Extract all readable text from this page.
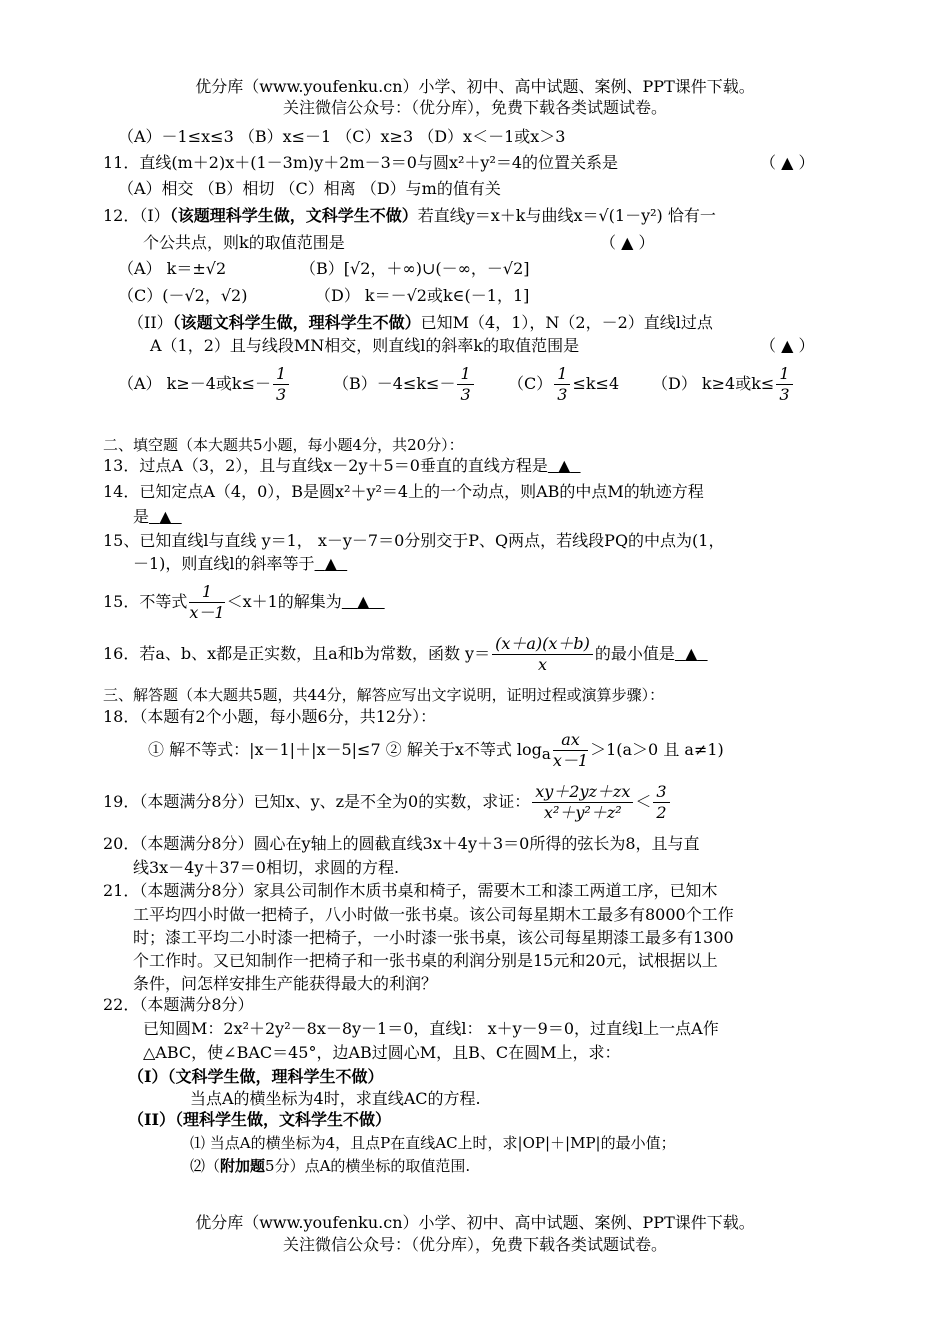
优分库（www.youfenku.cn）小学、初中、高中试题、案例、PPT课件下载。
关注微信公众号：（优分库），免费下载各类试题试卷。
（A）－1≤x≤3 （B）x≤－1 （C）x≥3 （D）x＜－1或x＞3
11．直线(m＋2)x＋(1－3m)y＋2m－3＝0与圆x²＋y²＝4的位置关系是	（ ▲ ）
（A）相交 （B）相切 （C）相离 （D）与m的值有关
12．（I）（该题理科学生做，文科学生不做）若直线y＝x＋k与曲线x＝√(1－y²) 恰有一
个公共点，则k的取值范围是	（ ▲ ）
（A） k＝±√2	（B）[√2，＋∞)∪(－∞，－√2]
（C）(－√2，√2)	（D） k＝－√2或k∈(－1，1]
（II）（该题文科学生做，理科学生不做）已知M（4，1），N（2，－2）直线l过点
A（1，2）且与线段MN相交，则直线l的斜率k的取值范围是	（ ▲ ）
（A） k≥－4或$k\le- \frac{1}{3}$	$(B)-4\le k\le- \frac{1}{3} (C) \frac{1}{3} \le k\le 4$ （D） k≥4或$k\le \frac{1}{3}$
二、填空题（本大题共5小题，每小题4分，共20分）：
13．过点A（3，2），且与直线x－2y＋5＝0垂直的直线方程是 ▲
14．已知定点A（4，0），B是圆x²＋y²＝4上的一个动点，则AB的中点M的轨迹方程
是 ▲
15、已知直线l与直线 y＝1， x－y－7＝0分别交于P、Q两点，若线段PQ的中点为(1，
－1)，则直线l的斜率等于 ▲
15．不等式 $\frac{1}{x-1} <x+1$的解集为 ▲
16．若a、b、x都是正实数，且a和b为常数，函数 $y= \frac{(x+a)(x+b)}{x}$ 的最小值是 ▲
三、解答题（本大题共5题，共44分，解答应写出文字说明，证明过程或演算步骤）：
18．（本题有2个小题，每小题6分，共12分）：
① 解不等式：|x－1|＋|x－5|≤7 ② 解关于x不等式 $\log_a \frac{ax}{x-1} >1(a>0$ 且 a≠1)
19．（本题满分8分）已知x、y、z是不全为0的实数，求证： $\frac{xy+2yz+zx}{\text{x²＋y²＋z²}} < \frac{3}{2}$
20．（本题满分8分）圆心在y轴上的圆截直线3x＋4y＋3＝0所得的弦长为8，且与直
线3x－4y＋37＝0相切，求圆的方程.
21．（本题满分8分）家具公司制作木质书桌和椅子，需要木工和漆工两道工序，已知木
工平均四小时做一把椅子，八小时做一张书桌。该公司每星期木工最多有8000个工作
时；漆工平均二小时漆一把椅子，一小时漆一张书桌，该公司每星期漆工最多有1300
个工作时。又已知制作一把椅子和一张书桌的利润分别是15元和20元，试根据以上
条件，问怎样安排生产能获得最大的利润？
22．（本题满分8分）
已知圆M：2x²＋2y²－8x－8y－1＝0，直线l： x＋y－9＝0，过直线l上一点A作
△ABC，使∠BAC＝45°，边AB过圆心M，且B、C在圆M上，求：
（I）（文科学生做，理科学生不做）
当点A的横坐标为4时，求直线AC的方程.
（II）（理科学生做，文科学生不做）
⑴ 当点A的横坐标为4，且点P在直线AC上时，求|OP|＋|MP|的最小值；
⑵（附加题5分）点A的横坐标的取值范围.
优分库（www.youfenku.cn）小学、初中、高中试题、案例、PPT课件下载。
关注微信公众号：（优分库），免费下载各类试题试卷。
